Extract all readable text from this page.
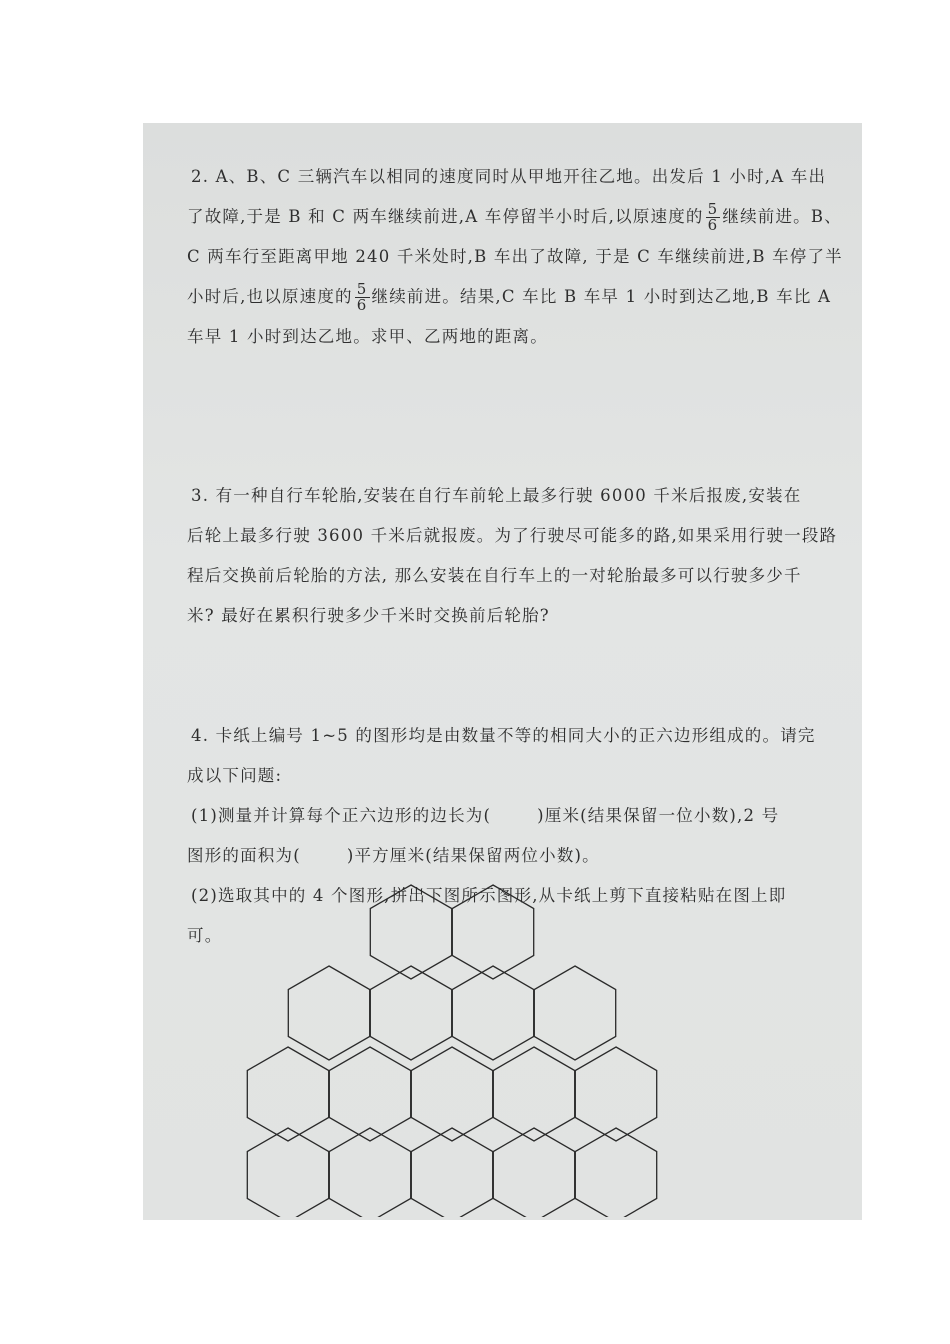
2. A、B、C 三辆汽车以相同的速度同时从甲地开往乙地。出发后 1 小时,A 车出
了故障,于是 B 和 C 两车继续前进,A 车停留半小时后,以原速度的 $\frac{5}{6}$ 继续前进。B、
C 两车行至距离甲地 240 千米处时,B 车出了故障, 于是 C 车继续前进,B 车停了半
小时后,也以原速度的 $\frac{5}{6}$ 继续前进。结果,C 车比 B 车早 1 小时到达乙地,B 车比 A
车早 1 小时到达乙地。求甲、乙两地的距离。
3. 有一种自行车轮胎,安装在自行车前轮上最多行驶 6000 千米后报废,安装在
后轮上最多行驶 3600 千米后就报废。为了行驶尽可能多的路,如果采用行驶一段路
程后交换前后轮胎的方法, 那么安装在自行车上的一对轮胎最多可以行驶多少千
米? 最好在累积行驶多少千米时交换前后轮胎?
4. 卡纸上编号 1~5 的图形均是由数量不等的相同大小的正六边形组成的。请完
成以下问题:
(1)测量并计算每个正六边形的边长为(	)厘米(结果保留一位小数),2 号
图形的面积为(	)平方厘米(结果保留两位小数)。
(2)选取其中的 4 个图形,拼出下图所示图形,从卡纸上剪下直接粘贴在图上即
可。
